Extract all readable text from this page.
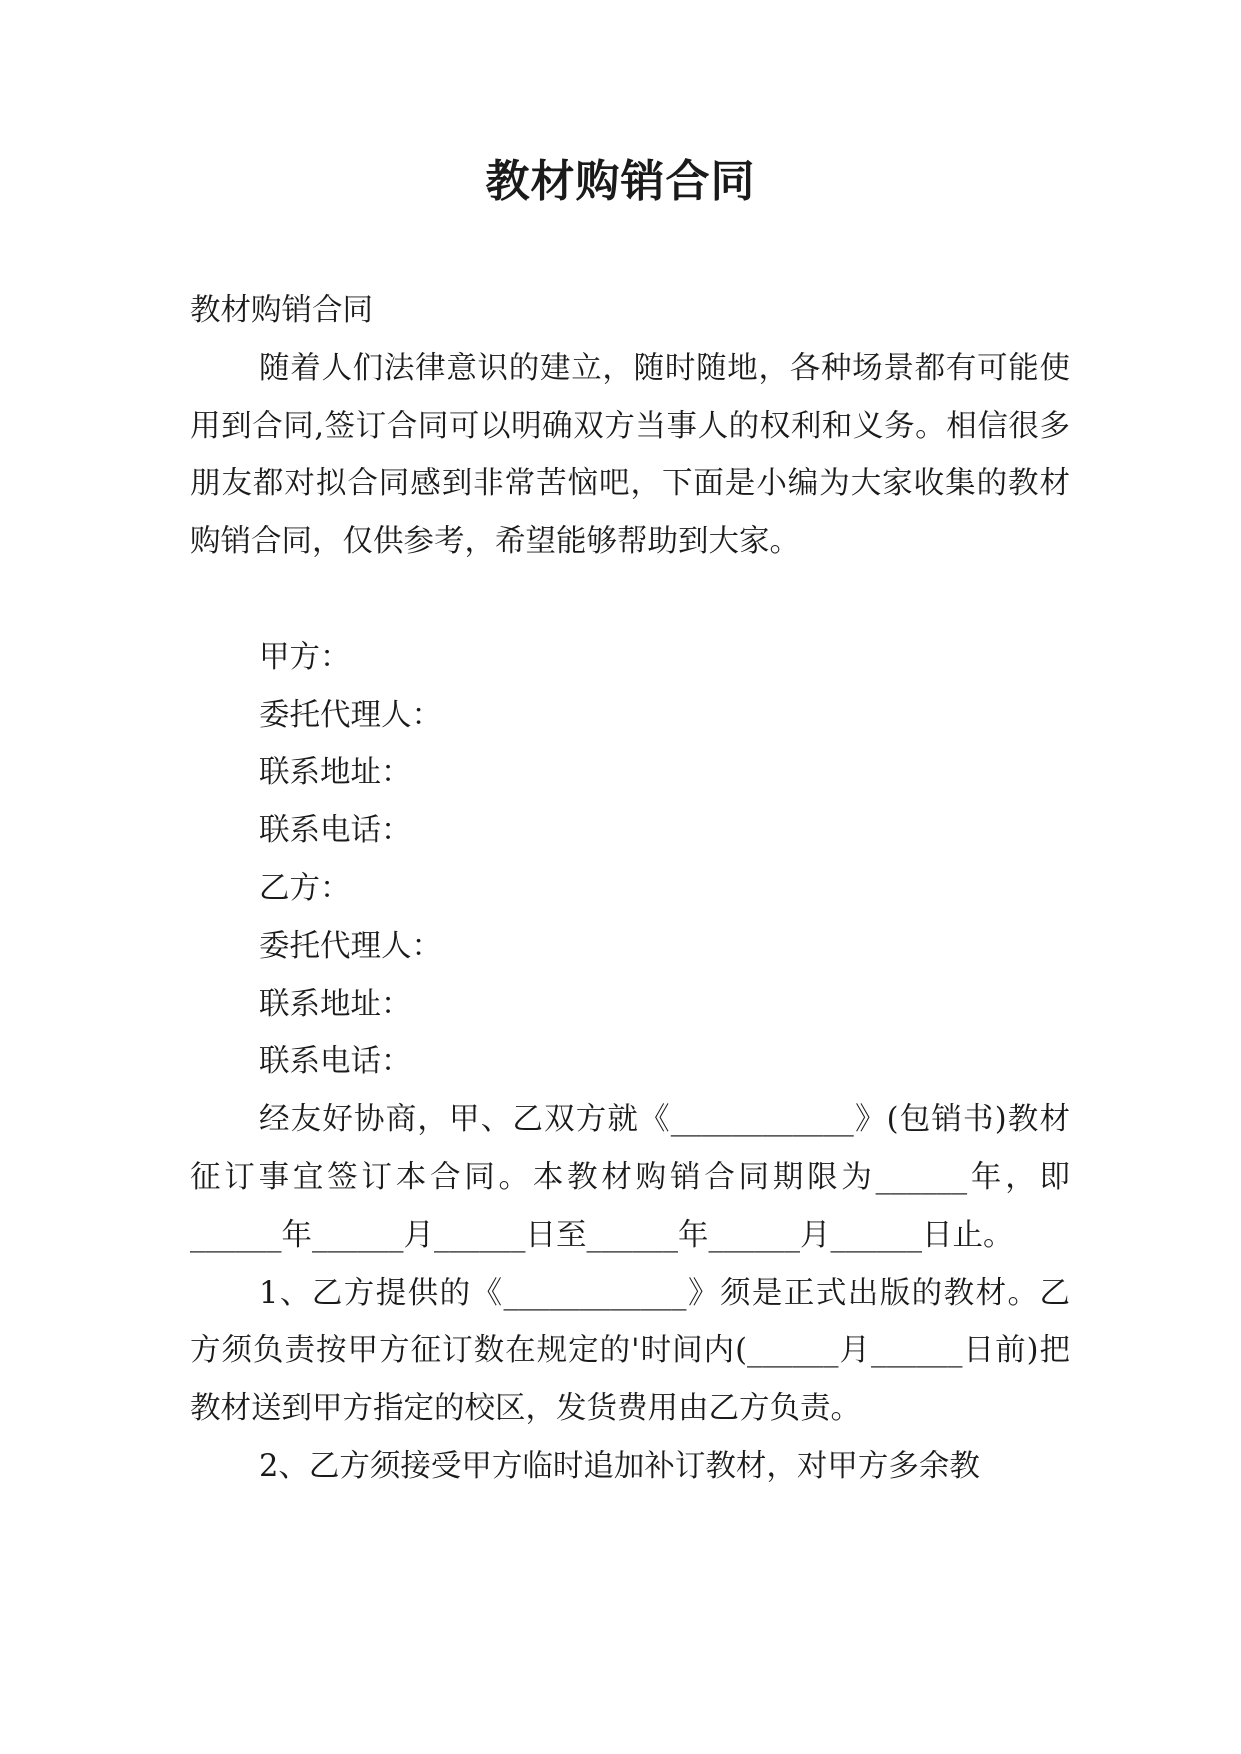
教材购销合同

教材购销合同

随着人们法律意识的建立，随时随地，各种场景都有可能使用到合同,签订合同可以明确双方当事人的权利和义务。相信很多朋友都对拟合同感到非常苦恼吧，下面是小编为大家收集的教材购销合同，仅供参考，希望能够帮助到大家。

甲方：

委托代理人：

联系地址：

联系电话：

乙方：

委托代理人：

联系地址：

联系电话：

经友好协商，甲、乙双方就《____________》(包销书)教材征订事宜签订本合同。本教材购销合同期限为______年，即______年______月______日至______年______月______日止。

1、乙方提供的《____________》须是正式出版的教材。乙方须负责按甲方征订数在规定的'时间内(______月______日前)把教材送到甲方指定的校区，发货费用由乙方负责。

2、乙方须接受甲方临时追加补订教材，对甲方多余教
